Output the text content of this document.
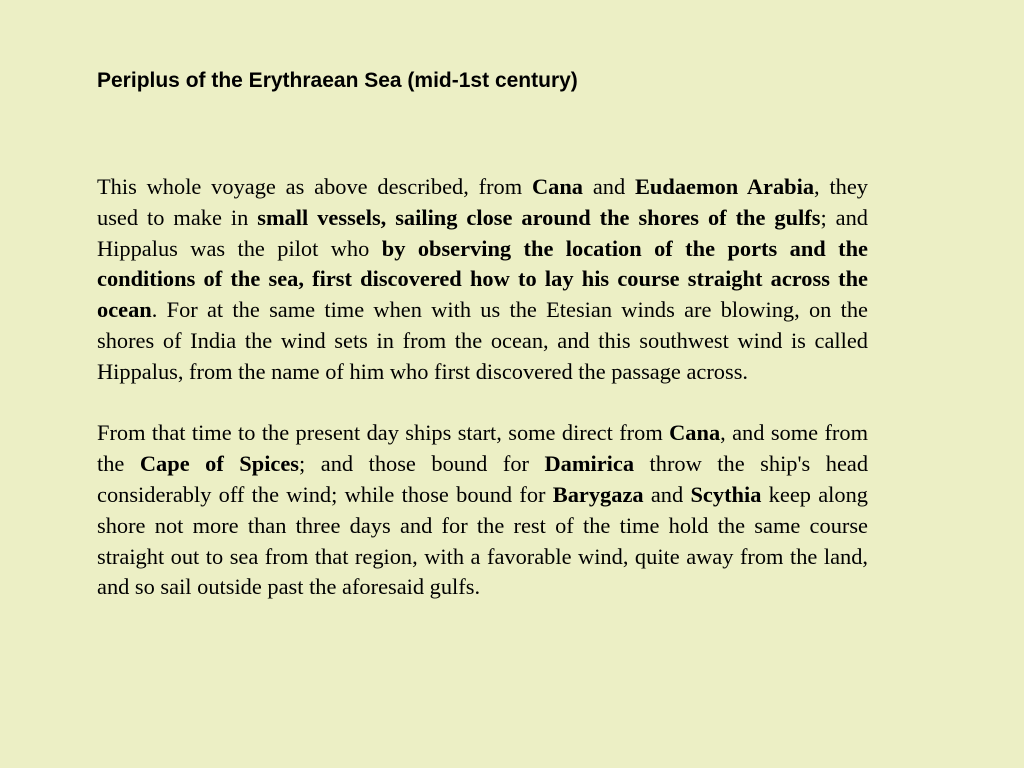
Periplus of the Erythraean Sea (mid-1st century)

This whole voyage as above described, from Cana and Eudaemon Arabia, they used to make in small vessels, sailing close around the shores of the gulfs; and Hippalus was the pilot who by observing the location of the ports and the conditions of the sea, first discovered how to lay his course straight across the ocean. For at the same time when with us the Etesian winds are blowing, on the shores of India the wind sets in from the ocean, and this southwest wind is called Hippalus, from the name of him who first discovered the passage across.

From that time to the present day ships start, some direct from Cana, and some from the Cape of Spices; and those bound for Damirica throw the ship's head considerably off the wind; while those bound for Barygaza and Scythia keep along shore not more than three days and for the rest of the time hold the same course straight out to sea from that region, with a favorable wind, quite away from the land, and so sail outside past the aforesaid gulfs.
